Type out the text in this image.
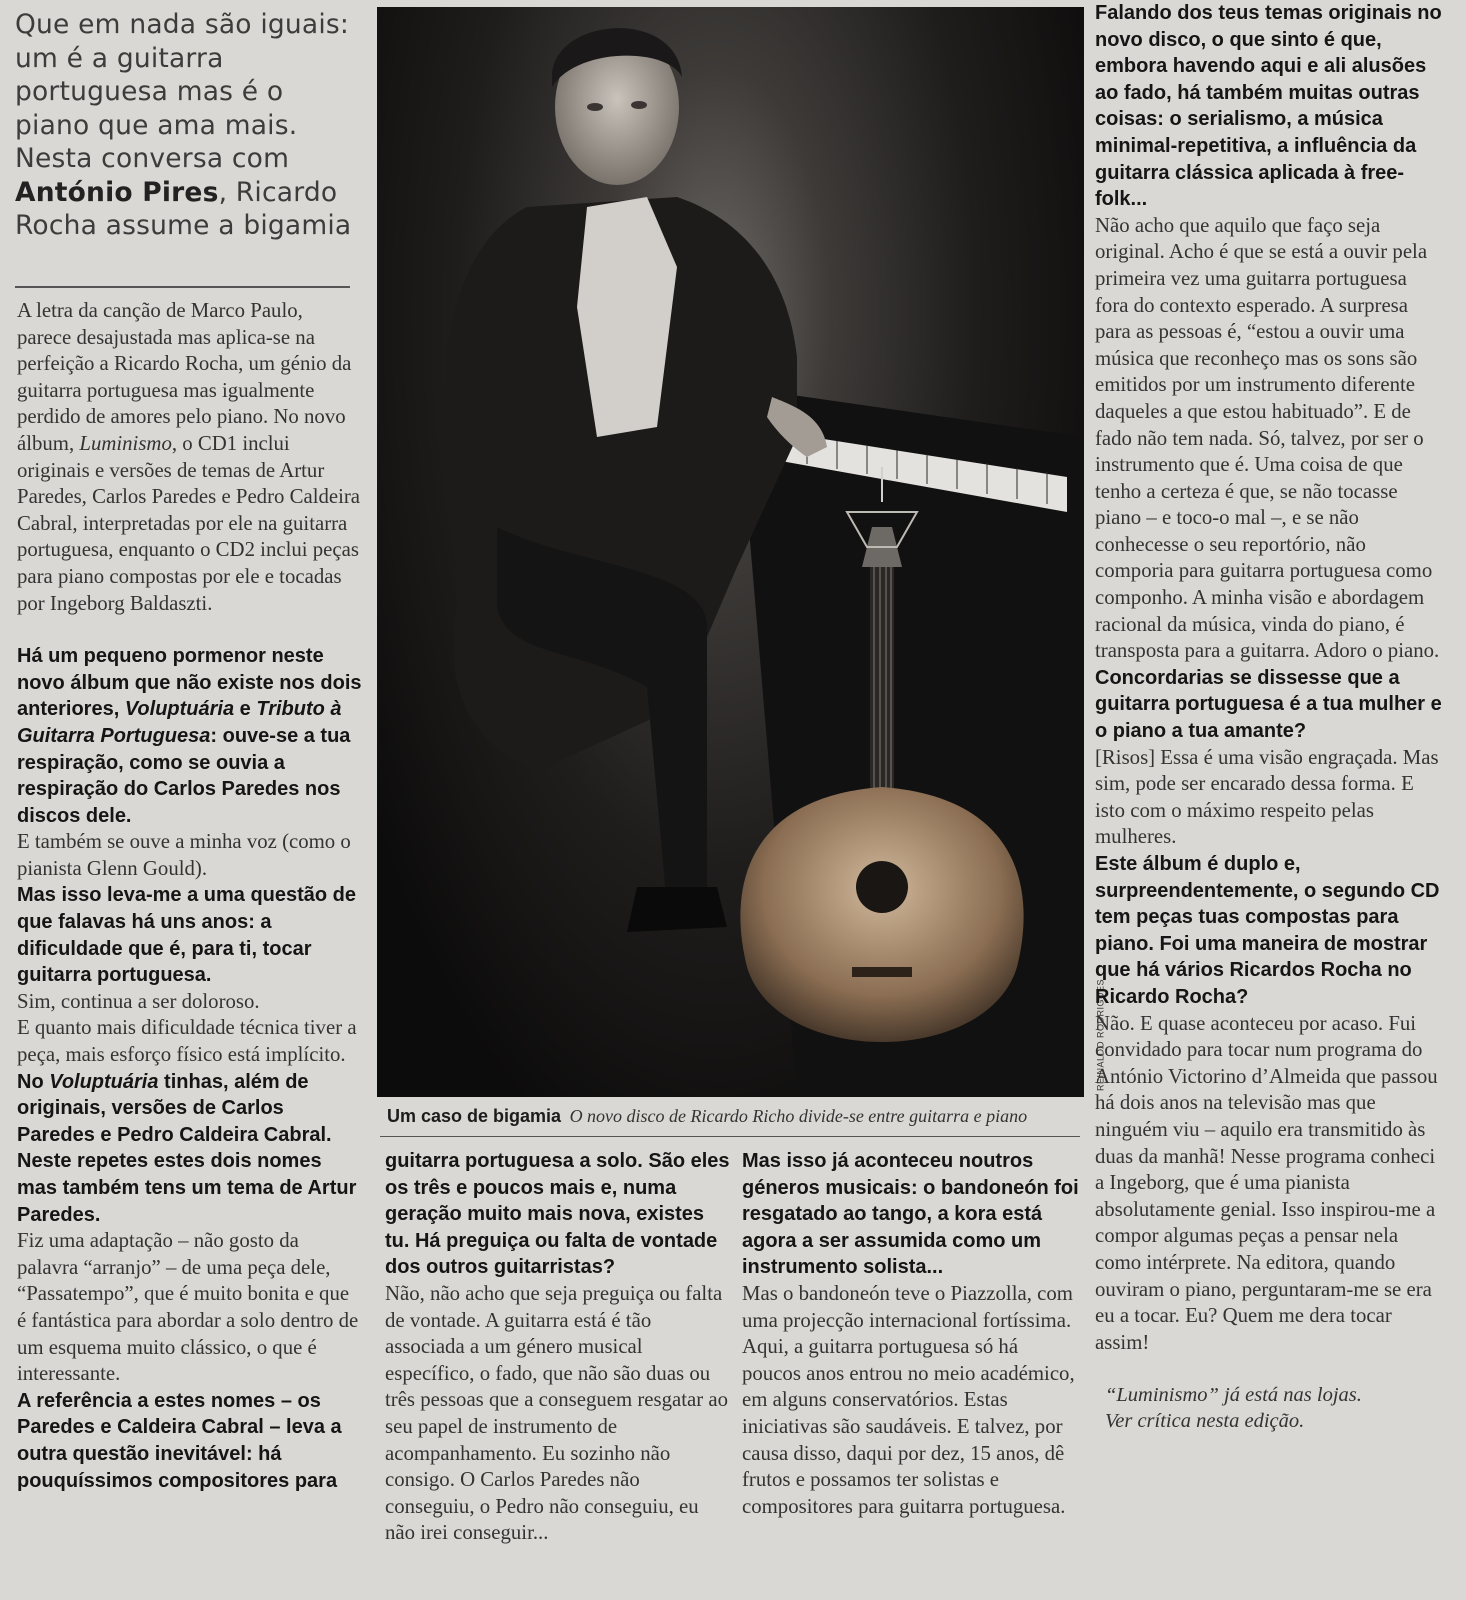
Que em nada são iguais: um é a guitarra portuguesa mas é o piano que ama mais. Nesta conversa com António Pires, Ricardo Rocha assume a bigamia

A letra da canção de Marco Paulo, parece desajustada mas aplica-se na perfeição a Ricardo Rocha, um génio da guitarra portuguesa mas igualmente perdido de amores pelo piano. No novo álbum, Luminismo, o CD1 inclui originais e versões de temas de Artur Paredes, Carlos Paredes e Pedro Caldeira Cabral, interpretadas por ele na guitarra portuguesa, enquanto o CD2 inclui peças para piano compostas por ele e tocadas por Ingeborg Baldaszti.

Há um pequeno pormenor neste novo álbum que não existe nos dois anteriores, Voluptuária e Tributo à Guitarra Portuguesa: ouve-se a tua respiração, como se ouvia a respiração do Carlos Paredes nos discos dele.

E também se ouve a minha voz (como o pianista Glenn Gould).

Mas isso leva-me a uma questão de que falavas há uns anos: a dificuldade que é, para ti, tocar guitarra portuguesa.

Sim, continua a ser doloroso.

E quanto mais dificuldade técnica tiver a peça, mais esforço físico está implícito.

No Voluptuária tinhas, além de originais, versões de Carlos Paredes e Pedro Caldeira Cabral. Neste repetes estes dois nomes mas também tens um tema de Artur Paredes.

Fiz uma adaptação – não gosto da palavra “arranjo” – de uma peça dele, “Passatempo”, que é muito bonita e que é fantástica para abordar a solo dentro de um esquema muito clássico, o que é interessante.

A referência a estes nomes – os Paredes e Caldeira Cabral – leva a outra questão inevitável: há pouquíssimos compositores para

REINALDO RODRIGUES
Um caso de bigamia O novo disco de Ricardo Richo divide-se entre guitarra e piano

guitarra portuguesa a solo. São eles os três e poucos mais e, numa geração muito mais nova, existes tu. Há preguiça ou falta de vontade dos outros guitarristas?

Não, não acho que seja preguiça ou falta de vontade. A guitarra está é tão associada a um género musical específico, o fado, que não são duas ou três pessoas que a conseguem resgatar ao seu papel de instrumento de acompanhamento. Eu sozinho não consigo. O Carlos Paredes não conseguiu, o Pedro não conseguiu, eu não irei conseguir...

Mas isso já aconteceu noutros géneros musicais: o bandoneón foi resgatado ao tango, a kora está agora a ser assumida como um instrumento solista...

Mas o bandoneón teve o Piazzolla, com uma projecção internacional fortíssima. Aqui, a guitarra portuguesa só há poucos anos entrou no meio académico, em alguns conservatórios. Estas iniciativas são saudáveis. E talvez, por causa disso, daqui por dez, 15 anos, dê frutos e possamos ter solistas e compositores para guitarra portuguesa.

Falando dos teus temas originais no novo disco, o que sinto é que, embora havendo aqui e ali alusões ao fado, há também muitas outras coisas: o serialismo, a música minimal-repetitiva, a influência da guitarra clássica aplicada à free-folk...

Não acho que aquilo que faço seja original. Acho é que se está a ouvir pela primeira vez uma guitarra portuguesa fora do contexto esperado. A surpresa para as pessoas é, “estou a ouvir uma música que reconheço mas os sons são emitidos por um instrumento diferente daqueles a que estou habituado”. E de fado não tem nada. Só, talvez, por ser o instrumento que é. Uma coisa de que tenho a certeza é que, se não tocasse piano – e toco-o mal –, e se não conhecesse o seu reportório, não comporia para guitarra portuguesa como componho. A minha visão e abordagem racional da música, vinda do piano, é transposta para a guitarra. Adoro o piano.

Concordarias se dissesse que a guitarra portuguesa é a tua mulher e o piano a tua amante?

[Risos] Essa é uma visão engraçada. Mas sim, pode ser encarado dessa forma. E isto com o máximo respeito pelas mulheres.

Este álbum é duplo e, surpreendentemente, o segundo CD tem peças tuas compostas para piano. Foi uma maneira de mostrar que há vários Ricardos Rocha no Ricardo Rocha?

Não. E quase aconteceu por acaso. Fui convidado para tocar num programa do António Victorino d’Almeida que passou há dois anos na televisão mas que ninguém viu – aquilo era transmitido às duas da manhã! Nesse programa conheci a Ingeborg, que é uma pianista absolutamente genial. Isso inspirou-me a compor algumas peças a pensar nela como intérprete. Na editora, quando ouviram o piano, perguntaram-me se era eu a tocar. Eu? Quem me dera tocar assim!

“Luminismo” já está nas lojas.

Ver crítica nesta edição.
